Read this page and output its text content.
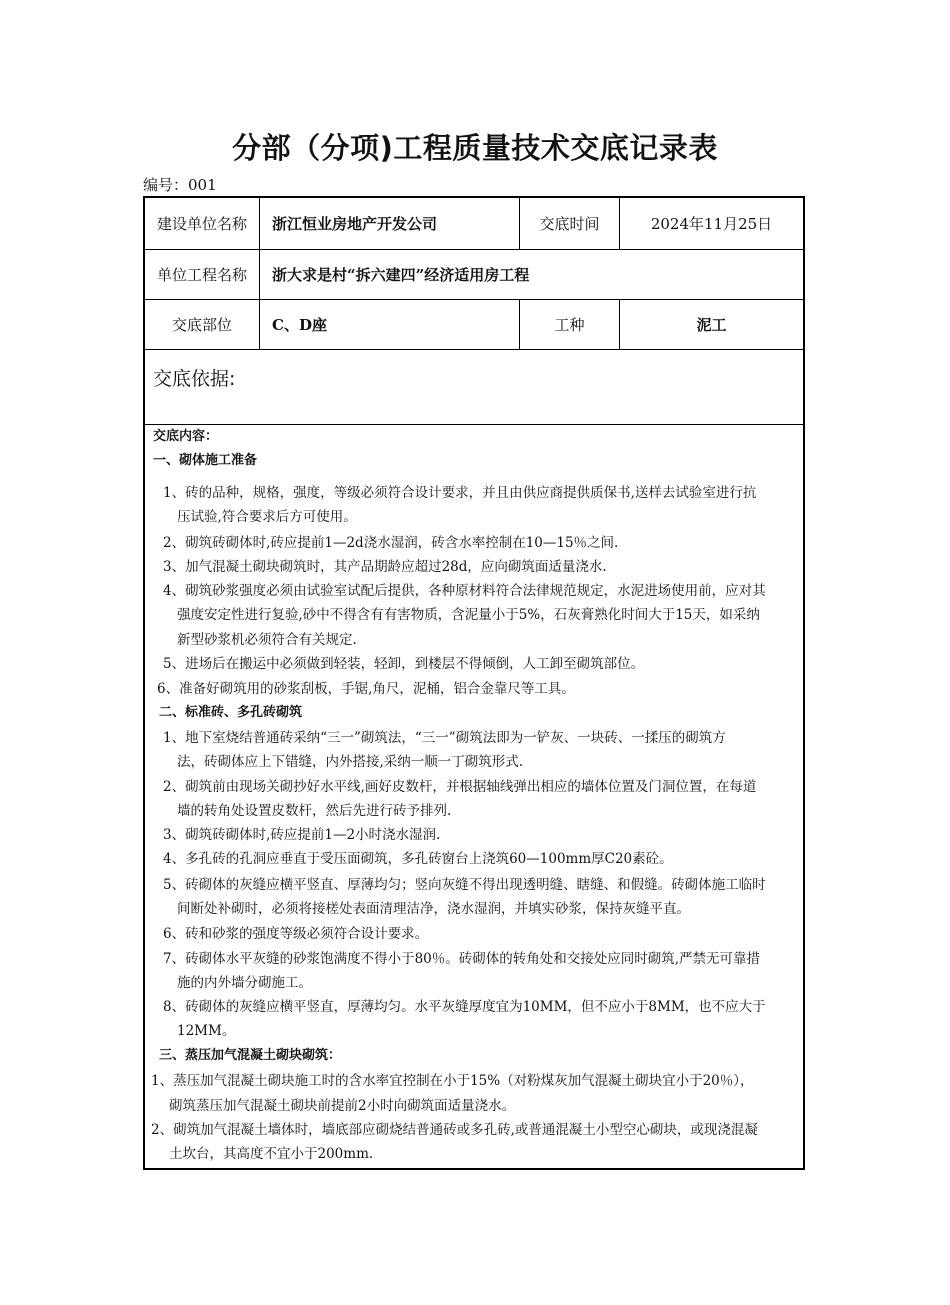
分部（分项)工程质量技术交底记录表
编号：001
建设单位名称	浙江恒业房地产开发公司	交底时间	2024年11月25日
单位工程名称	浙大求是村“拆六建四”经济适用房工程
交底部位	C、D座	工种	泥工
交底依据:
交底内容：
一、砌体施工准备
1、砖的品种，规格，强度，等级必须符合设计要求，并且由供应商提供质保书,送样去试验室进行抗
压试验,符合要求后方可使用。
2、砌筑砖砌体时,砖应提前1—2d浇水湿润，砖含水率控制在10—15％之间.
3、加气混凝土砌块砌筑时，其产品期龄应超过28d，应向砌筑面适量浇水.
4、砌筑砂浆强度必须由试验室试配后提供，各种原材料符合法律规范规定，水泥进场使用前，应对其
强度安定性进行复验,砂中不得含有有害物质，含泥量小于5%，石灰膏熟化时间大于15天，如采纳
新型砂浆机必须符合有关规定.
5、进场后在搬运中必须做到轻装，轻卸，到楼层不得倾倒，人工卸至砌筑部位。
6、准备好砌筑用的砂浆刮板，手锯,角尺，泥桶，铝合金靠尺等工具。
二、标准砖、多孔砖砌筑
1、地下室烧结普通砖采纳“三一”砌筑法，“三一”砌筑法即为一铲灰、一块砖、一揉压的砌筑方
法，砖砌体应上下错缝，内外搭接,采纳一顺一丁砌筑形式.
2、砌筑前由现场关砌抄好水平线,画好皮数杆，并根据轴线弹出相应的墙体位置及门洞位置，在每道
墙的转角处设置皮数杆，然后先进行砖予排列.
3、砌筑砖砌体时,砖应提前1—2小时浇水湿润.
4、多孔砖的孔洞应垂直于受压面砌筑，多孔砖窗台上浇筑60—100mm厚C20素砼。
5、砖砌体的灰缝应横平竖直、厚薄均匀；竖向灰缝不得出现透明缝、瞎缝、和假缝。砖砌体施工临时
间断处补砌时，必须将接槎处表面清理洁净，浇水湿润，并填实砂浆，保持灰缝平直。
6、砖和砂浆的强度等级必须符合设计要求。
7、砖砌体水平灰缝的砂浆饱满度不得小于80％。砖砌体的转角处和交接处应同时砌筑,严禁无可靠措
施的内外墙分砌施工。
8、砖砌体的灰缝应横平竖直，厚薄均匀。水平灰缝厚度宜为10MM，但不应小于8MM，也不应大于
12MM。
三、蒸压加气混凝土砌块砌筑：
1、蒸压加气混凝土砌块施工时的含水率宜控制在小于15%（对粉煤灰加气混凝土砌块宜小于20％），
砌筑蒸压加气混凝土砌块前提前2小时向砌筑面适量浇水。
2、砌筑加气混凝土墙体时，墙底部应砌烧结普通砖或多孔砖,或普通混凝土小型空心砌块，或现浇混凝
土坎台，其高度不宜小于200mm.
